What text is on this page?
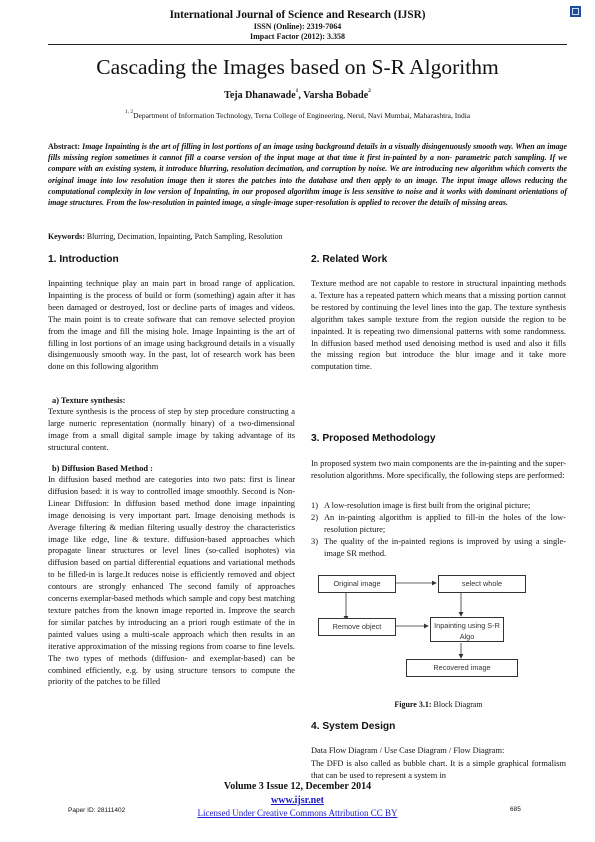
International Journal of Science and Research (IJSR)
ISSN (Online): 2319-7064
Impact Factor (2012): 3.358
Cascading the Images based on S-R Algorithm
Teja Dhanawade$^1$, Varsha Bobade$^2$
$^{1, 2}$Department of Information Technology, Terna College of Engineering, Nerul, Navi Mumbai, Maharashtra, India
Abstract: Image Inpainting is the art of filling in lost portions of an image using background details in a visually disingenuously smooth way. When an image fills missing region sometimes it cannot fill a coarse version of the input mage at that time it first in-painted by a non- parametric patch sampling. If we compare with an existing system, it introduce blurring, resolution decimation, and corruption by noise. We are introducing new algorithm which converts the original image into low resolution image then it stores the patches into the database and then apply to an image. The input image allows reducing the computational complexity in low version of Inpainting, in our proposed algorithm image is less sensitive to noise and it works with dominant orientations of image structures. From the low-resolution in painted image, a single-image super-resolution is applied to recover the details of missing areas.
Keywords: Blurring, Decimation, Inpainting, Patch Sampling, Resolution
1. Introduction

Inpainting technique play an main part in broad range of application. Inpainting is the process of build or form (something) again after it has been damaged or destroyed, lost or decline parts of images and videos. The main point is to create software that can remove selected proyion from the image and fill the mising hole. Image Inpainting is the art of filling in lost portions of an image using background details in a visually disingenuously smooth way. In the past, lot of research work has been done on this following algorithm

a) Texture synthesis:

Texture synthesis is the process of step by step procedure constructing a large numeric representation (normally binary) of a two-dimensional image from a small digital sample image by taking advantage of its structural content.

b) Diffusion Based Method :

In diffusion based method are categories into two pats: first is linear diffusion based: it is way to controlled image smoothly. Second is Non-Linear Diffusion: In diffusion based method done image inpainting image denoising is very important part. Image denoising methods is Average filtering & median filtering usually destroy the characteristics image like edge, line & texture. diffusion-based approaches which propagate linear structures or level lines (so-called isophotes) via diffusion based on partial differential equations and variational methods to be filled-in is large.It reduces noise is efficiently removed and object contours are strongly enhanced The second family of approaches concerns exemplar-based methods which sample and copy best matching texture patches from the known image reported in. Improve the search for similar patches by introducing an a priori rough estimate of the in painted values using a multi-scale approach which then results in an iterative approximation of the missing regions from coarse to fine levels. The two types of methods (diffusion- and exemplar-based) can be combined efficiently, e.g. by using structure tensors to compute the priority of the patches to be filled

2. Related Work

Texture method are not capable to restore in structural inpainting methods a. Texture has a repeated pattern which means that a missing portion cannot be restored by continuing the level lines into the gap. The texture synthesis algorithm takes sample texture from the region outside the region to be inpainted. It is repeating two dimensional patterns with some randomness. In diffusion based method used denoising method is used and also it fills the missing region but introduce the blur image and it take more computation time.

3. Proposed Methodology

In proposed system two main components are the in-painting and the super-resolution algorithms. More specifically, the following steps are performed:

1) A low-resolution image is first built from the original picture;
2) An in-painting algorithm is applied to fill-in the holes of the low-resolution picture;
3) The quality of the in-painted regions is improved by using a single-image SR method.
Original image	select whole
Remove object	Inpainting using S-R
Algo
Recovered image
Figure 3.1: Block Diagram
4. System Design

Data Flow Diagram / Use Case Diagram / Flow Diagram:

The DFD is also called as bubble chart. It is a simple graphical formalism that can be used to represent a system in

Volume 3 Issue 12, December 2014
www.ijsr.net
Licensed Under Creative Commons Attribution CC BY
Paper ID: 28111402	685
